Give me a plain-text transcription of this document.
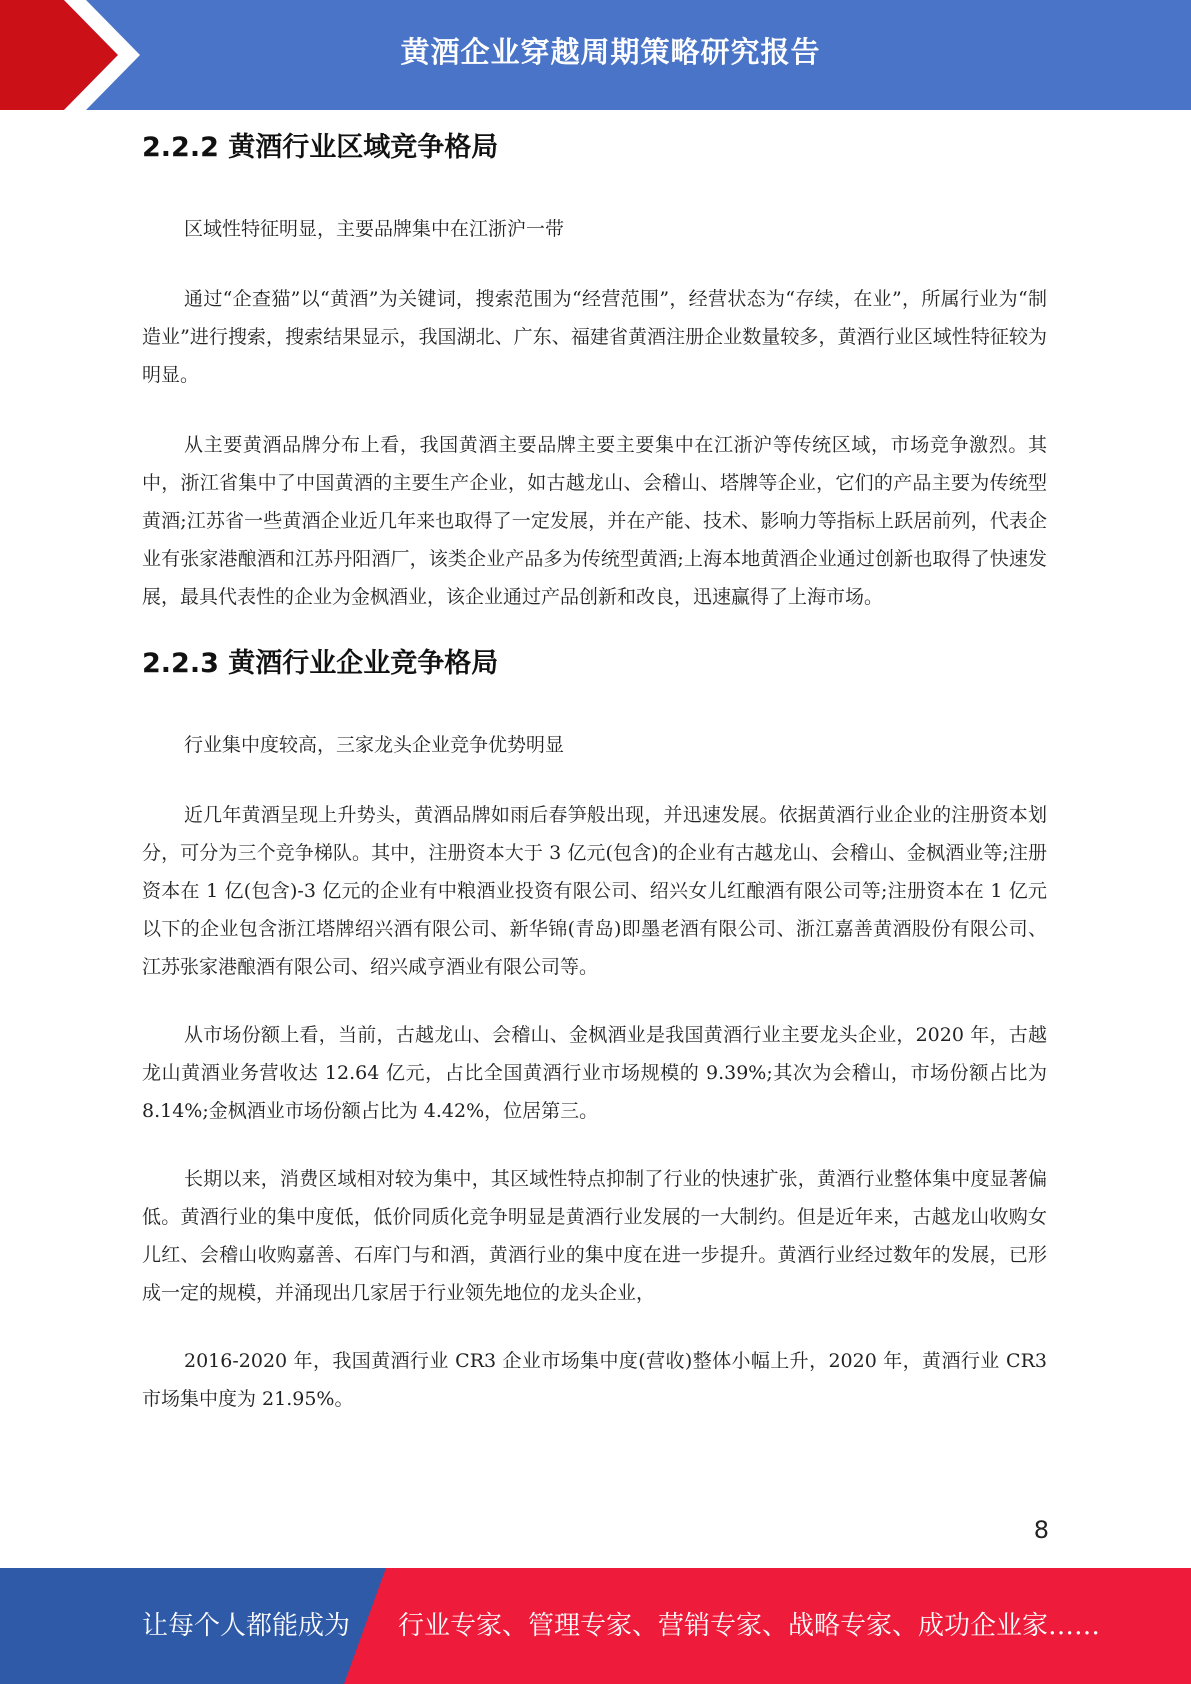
黄酒企业穿越周期策略研究报告
2.2.2 黄酒行业区域竞争格局
区域性特征明显，主要品牌集中在江浙沪一带

通过“企查猫”以“黄酒”为关键词，搜索范围为“经营范围”，经营状态为“存续，在业”，所属行业为“制造业”进行搜索，搜索结果显示，我国湖北、广东、福建省黄酒注册企业数量较多，黄酒行业区域性特征较为明显。

从主要黄酒品牌分布上看，我国黄酒主要品牌主要主要集中在江浙沪等传统区域，市场竞争激烈。其中，浙江省集中了中国黄酒的主要生产企业，如古越龙山、会稽山、塔牌等企业，它们的产品主要为传统型黄酒;江苏省一些黄酒企业近几年来也取得了一定发展，并在产能、技术、影响力等指标上跃居前列，代表企业有张家港酿酒和江苏丹阳酒厂，该类企业产品多为传统型黄酒;上海本地黄酒企业通过创新也取得了快速发展，最具代表性的企业为金枫酒业，该企业通过产品创新和改良，迅速赢得了上海市场。

2.2.3 黄酒行业企业竞争格局
行业集中度较高，三家龙头企业竞争优势明显

近几年黄酒呈现上升势头，黄酒品牌如雨后春笋般出现，并迅速发展。依据黄酒行业企业的注册资本划分，可分为三个竞争梯队。其中，注册资本大于 3 亿元(包含)的企业有古越龙山、会稽山、金枫酒业等;注册资本在 1 亿(包含)-3 亿元的企业有中粮酒业投资有限公司、绍兴女儿红酿酒有限公司等;注册资本在 1 亿元以下的企业包含浙江塔牌绍兴酒有限公司、新华锦(青岛)即墨老酒有限公司、浙江嘉善黄酒股份有限公司、江苏张家港酿酒有限公司、绍兴咸亨酒业有限公司等。

从市场份额上看，当前，古越龙山、会稽山、金枫酒业是我国黄酒行业主要龙头企业，2020 年，古越龙山黄酒业务营收达 12.64 亿元，占比全国黄酒行业市场规模的 9.39%;其次为会稽山，市场份额占比为 8.14%;金枫酒业市场份额占比为 4.42%，位居第三。

长期以来，消费区域相对较为集中，其区域性特点抑制了行业的快速扩张，黄酒行业整体集中度显著偏低。黄酒行业的集中度低，低价同质化竞争明显是黄酒行业发展的一大制约。但是近年来，古越龙山收购女儿红、会稽山收购嘉善、石库门与和酒，黄酒行业的集中度在进一步提升。黄酒行业经过数年的发展，已形成一定的规模，并涌现出几家居于行业领先地位的龙头企业，

2016-2020 年，我国黄酒行业 CR3 企业市场集中度(营收)整体小幅上升，2020 年，黄酒行业 CR3 市场集中度为 21.95%。

8
让每个人都能成为 行业专家、管理专家、营销专家、战略专家、成功企业家……
